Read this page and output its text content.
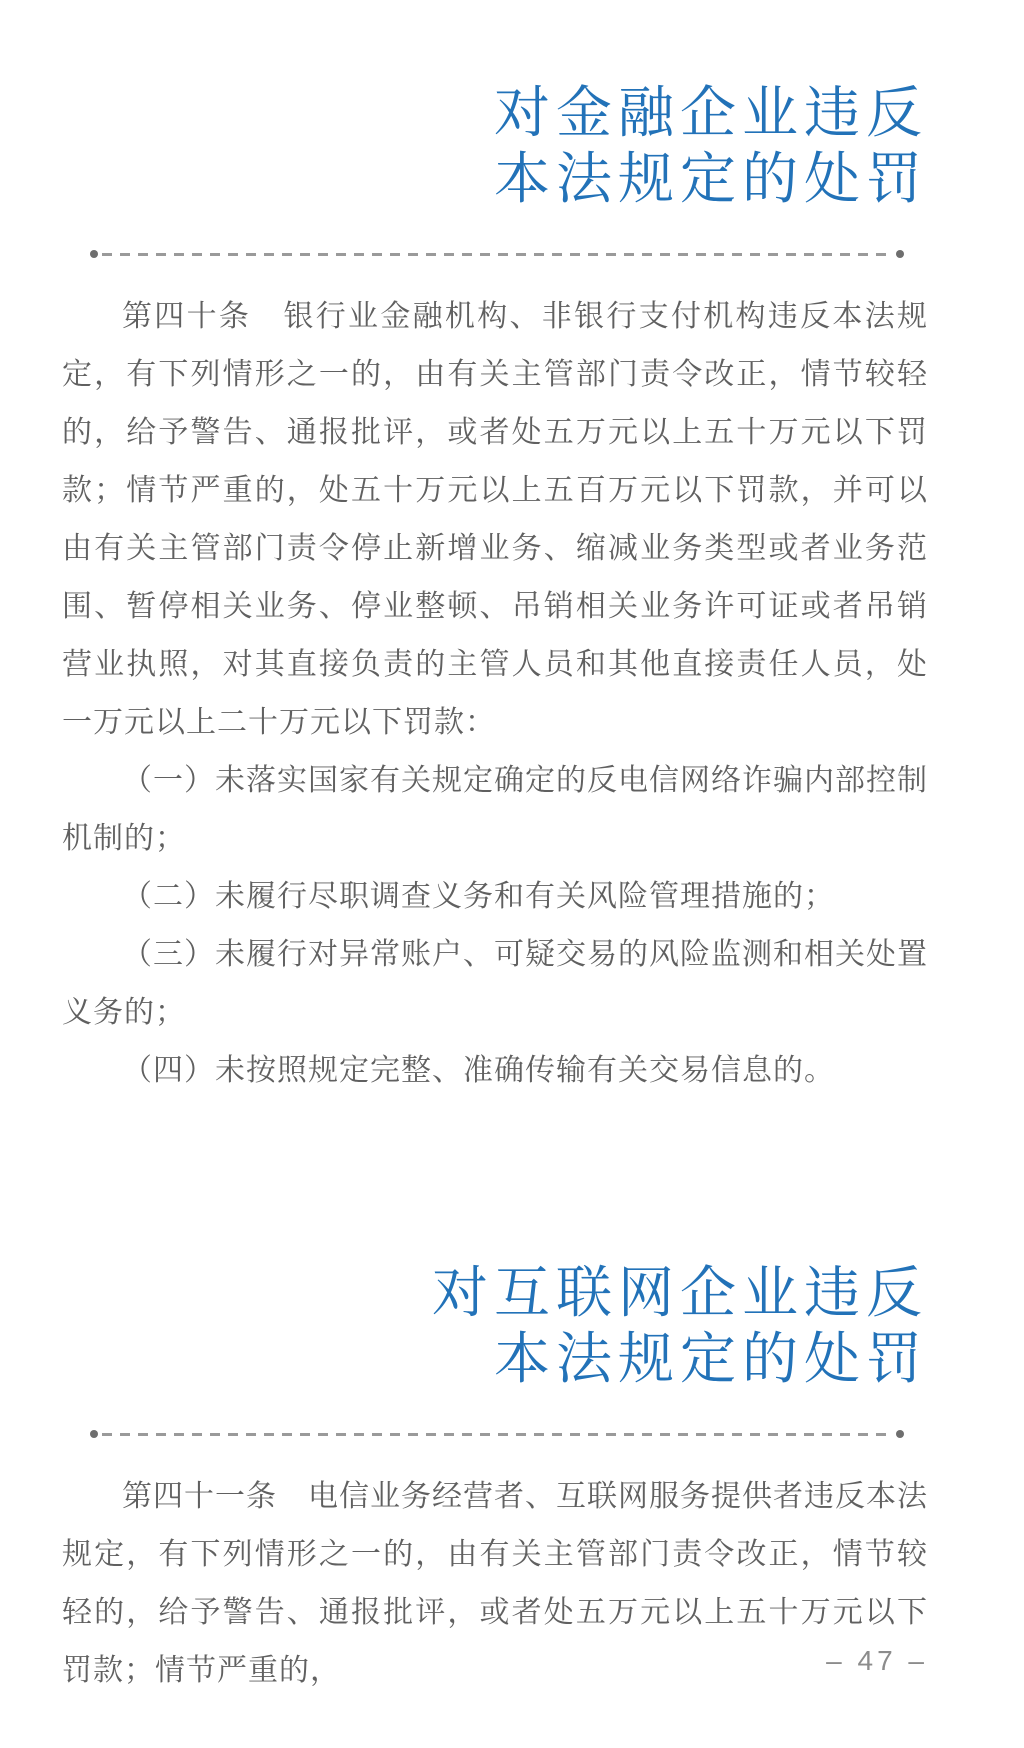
对金融企业违反
本法规定的处罚

第四十条　银行业金融机构、非银行支付机构违反本法规定，有下列情形之一的，由有关主管部门责令改正，情节较轻的，给予警告、通报批评，或者处五万元以上五十万元以下罚款；情节严重的，处五十万元以上五百万元以下罚款，并可以由有关主管部门责令停止新增业务、缩减业务类型或者业务范围、暂停相关业务、停业整顿、吊销相关业务许可证或者吊销营业执照，对其直接负责的主管人员和其他直接责任人员，处一万元以上二十万元以下罚款：

（一）未落实国家有关规定确定的反电信网络诈骗内部控制机制的；

（二）未履行尽职调查义务和有关风险管理措施的；

（三）未履行对异常账户、可疑交易的风险监测和相关处置义务的；

（四）未按照规定完整、准确传输有关交易信息的。

对互联网企业违反
本法规定的处罚

第四十一条　电信业务经营者、互联网服务提供者违反本法规定，有下列情形之一的，由有关主管部门责令改正，情节较轻的，给予警告、通报批评，或者处五万元以上五十万元以下罚款；情节严重的，	– 47 –
